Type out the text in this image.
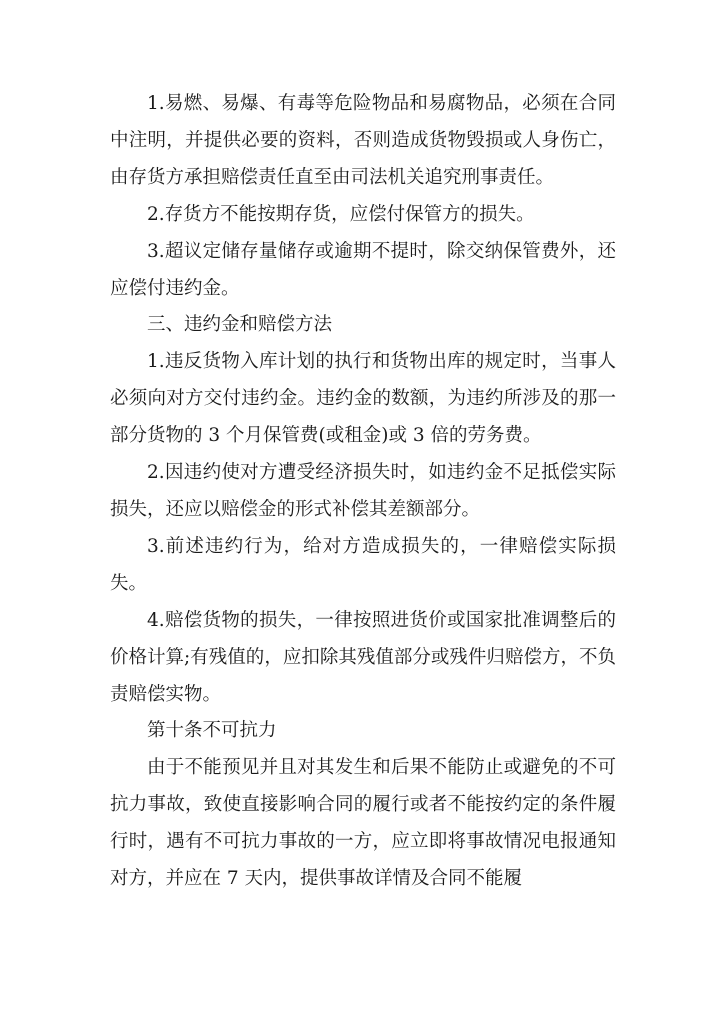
1.易燃、易爆、有毒等危险物品和易腐物品，必须在合同中注明，并提供必要的资料，否则造成货物毁损或人身伤亡，由存货方承担赔偿责任直至由司法机关追究刑事责任。

2.存货方不能按期存货，应偿付保管方的损失。

3.超议定储存量储存或逾期不提时，除交纳保管费外，还应偿付违约金。

三、违约金和赔偿方法

1.违反货物入库计划的执行和货物出库的规定时，当事人必须向对方交付违约金。违约金的数额，为违约所涉及的那一部分货物的 3 个月保管费(或租金)或 3 倍的劳务费。

2.因违约使对方遭受经济损失时，如违约金不足抵偿实际损失，还应以赔偿金的形式补偿其差额部分。

3.前述违约行为，给对方造成损失的，一律赔偿实际损失。

4.赔偿货物的损失，一律按照进货价或国家批准调整后的价格计算;有残值的，应扣除其残值部分或残件归赔偿方，不负责赔偿实物。

第十条不可抗力

由于不能预见并且对其发生和后果不能防止或避免的不可抗力事故，致使直接影响合同的履行或者不能按约定的条件履行时，遇有不可抗力事故的一方，应立即将事故情况电报通知对方，并应在 7 天内，提供事故详情及合同不能履
